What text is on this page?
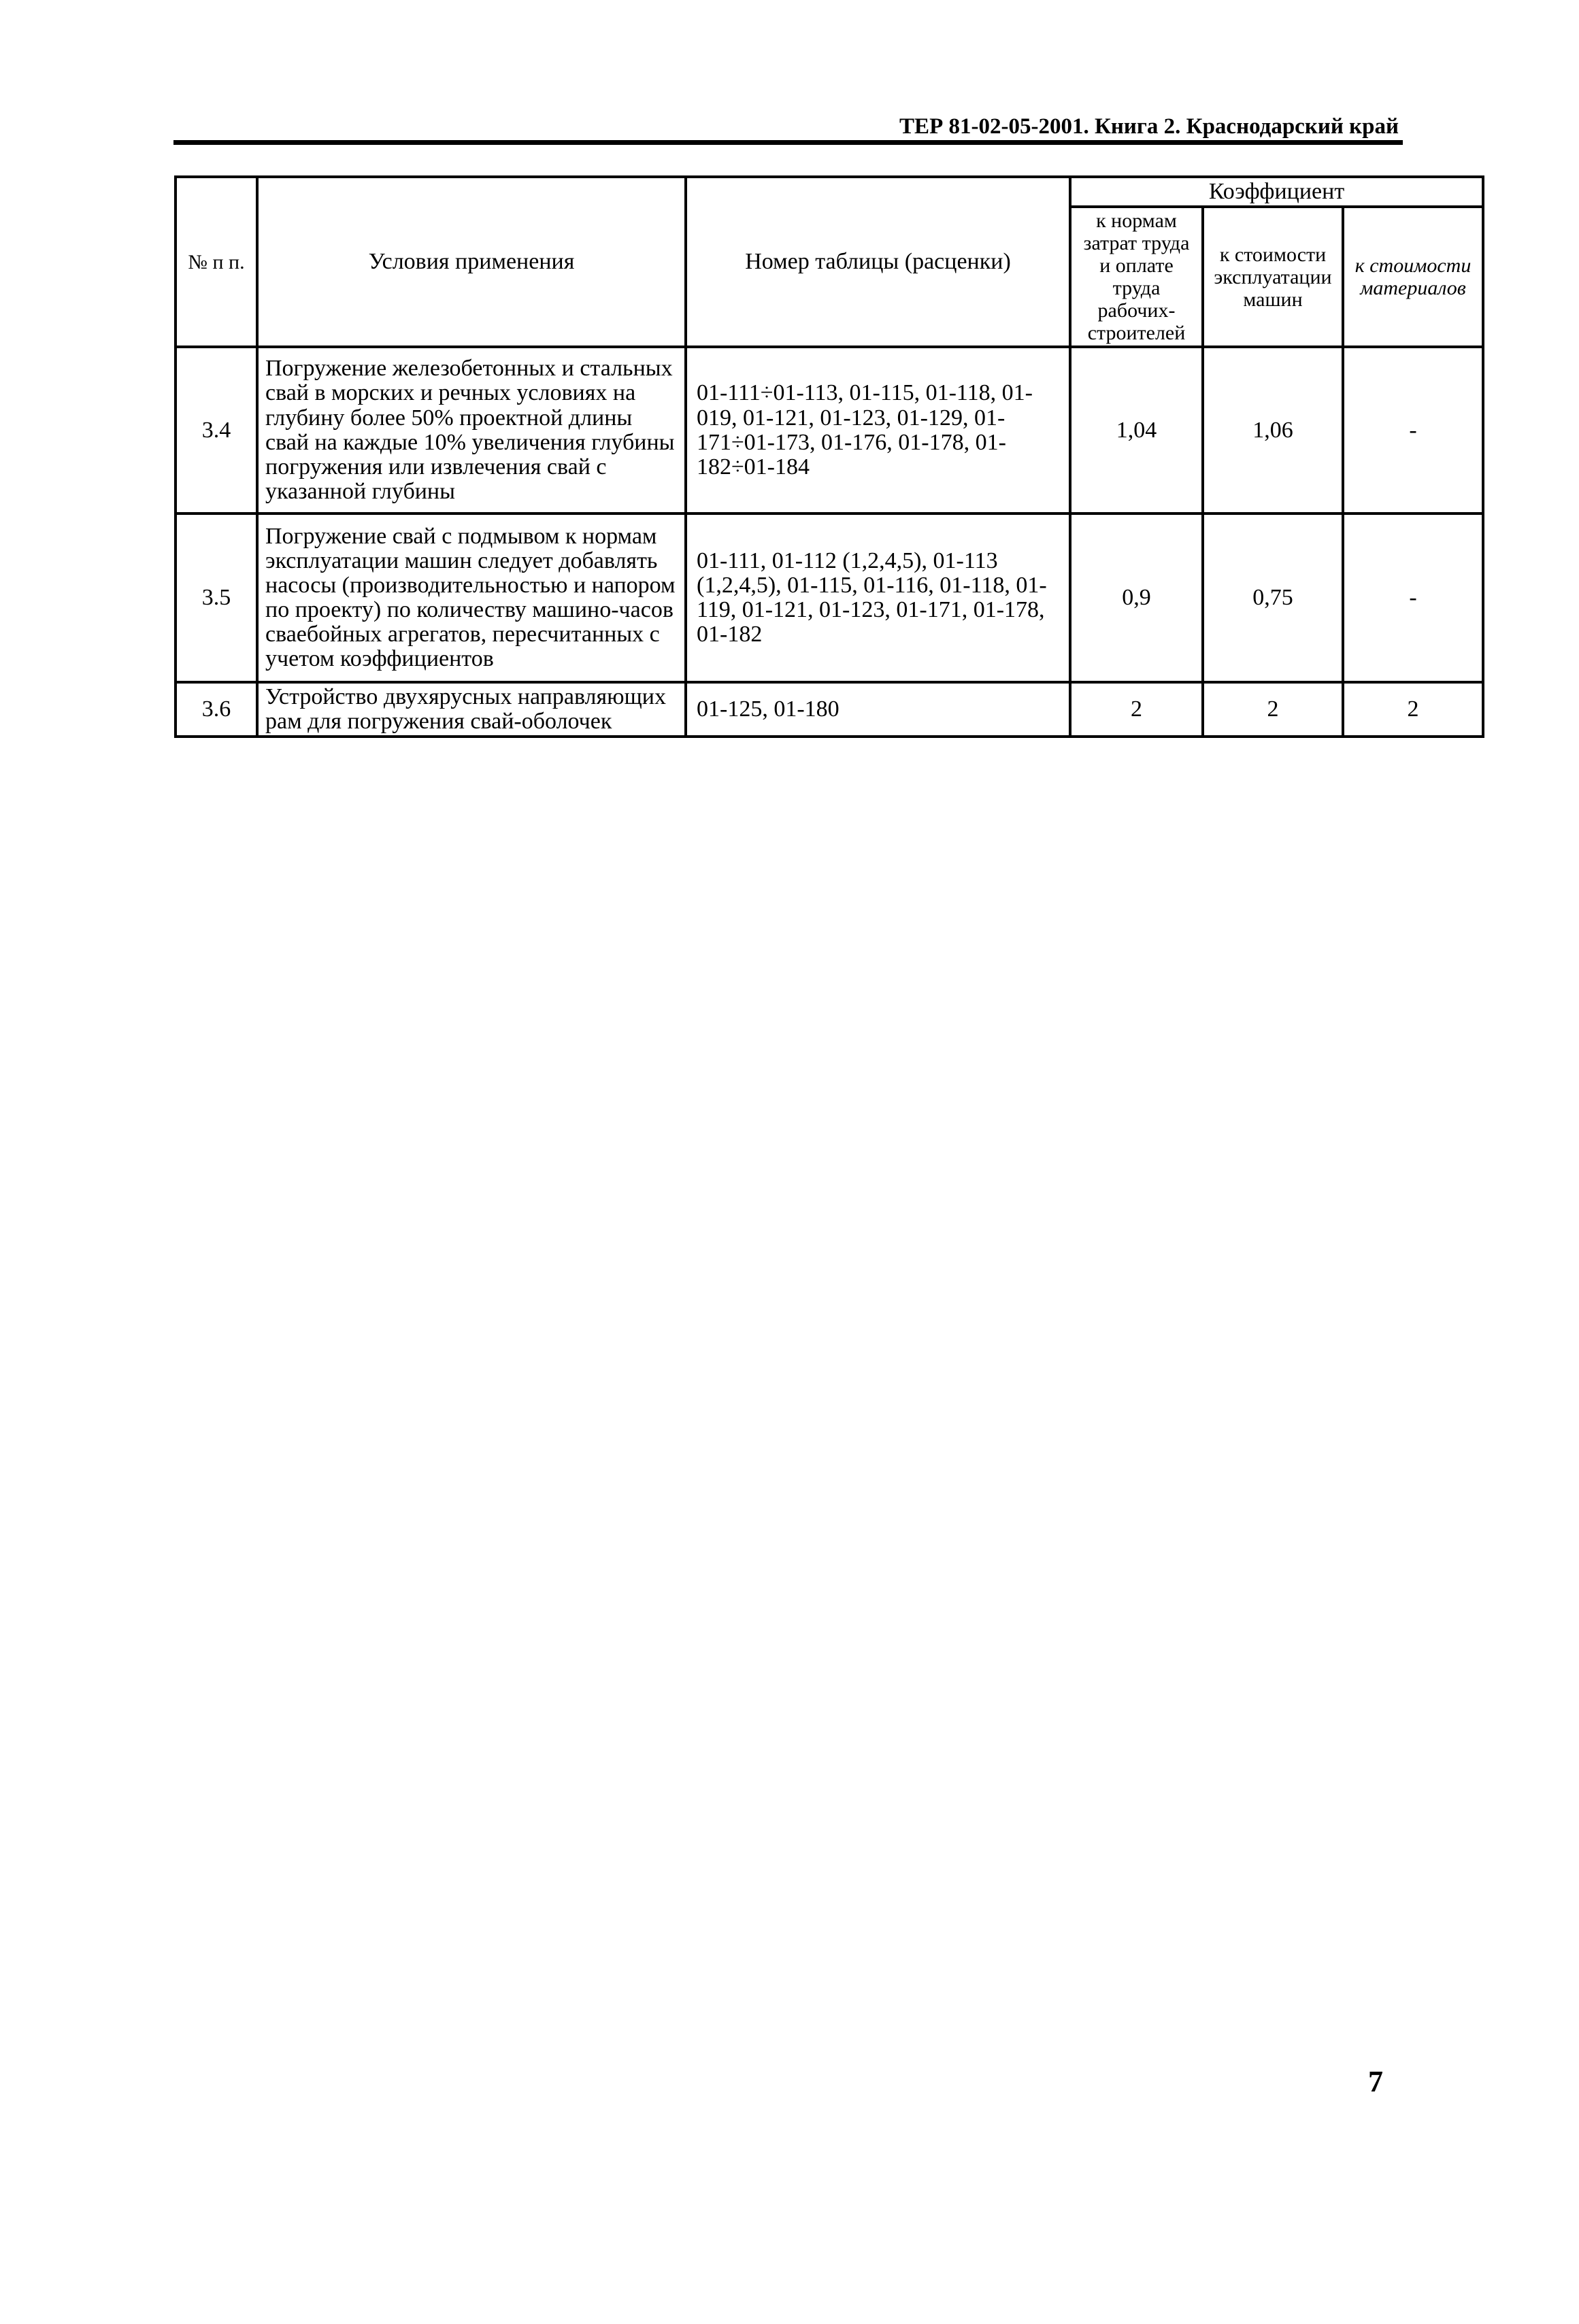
ТЕР 81-02-05-2001. Книга 2. Краснодарский край
№ п п.	Условия применения	Номер таблицы (расценки)	Коэффициент		
			к нормам затрат труда и оплате труда рабочих-строителей	к стоимости эксплуатации машин	к стоимости материалов
3.4	Погружение железобетонных и стальных свай в морских и речных условиях на глубину более 50% проектной длины свай на каждые 10% увеличения глубины погружения или извлечения свай с указанной глубины	01-111÷01-113, 01-115, 01-118, 01-019, 01-121, 01-123, 01-129, 01-171÷01-173, 01-176, 01-178, 01-182÷01-184	1,04	1,06	-
3.5	Погружение свай с подмывом к нормам эксплуатации машин следует добавлять насосы (производительностью и напором по проекту) по количеству машино-часов сваебойных агрегатов, пересчитанных с учетом коэффициентов	01-111, 01-112 (1,2,4,5), 01-113 (1,2,4,5), 01-115, 01-116, 01-118, 01-119, 01-121, 01-123, 01-171, 01-178, 01-182	0,9	0,75	-
3.6	Устройство двухярусных направляющих рам для погружения свай-оболочек	01-125, 01-180	2	2	2
7
